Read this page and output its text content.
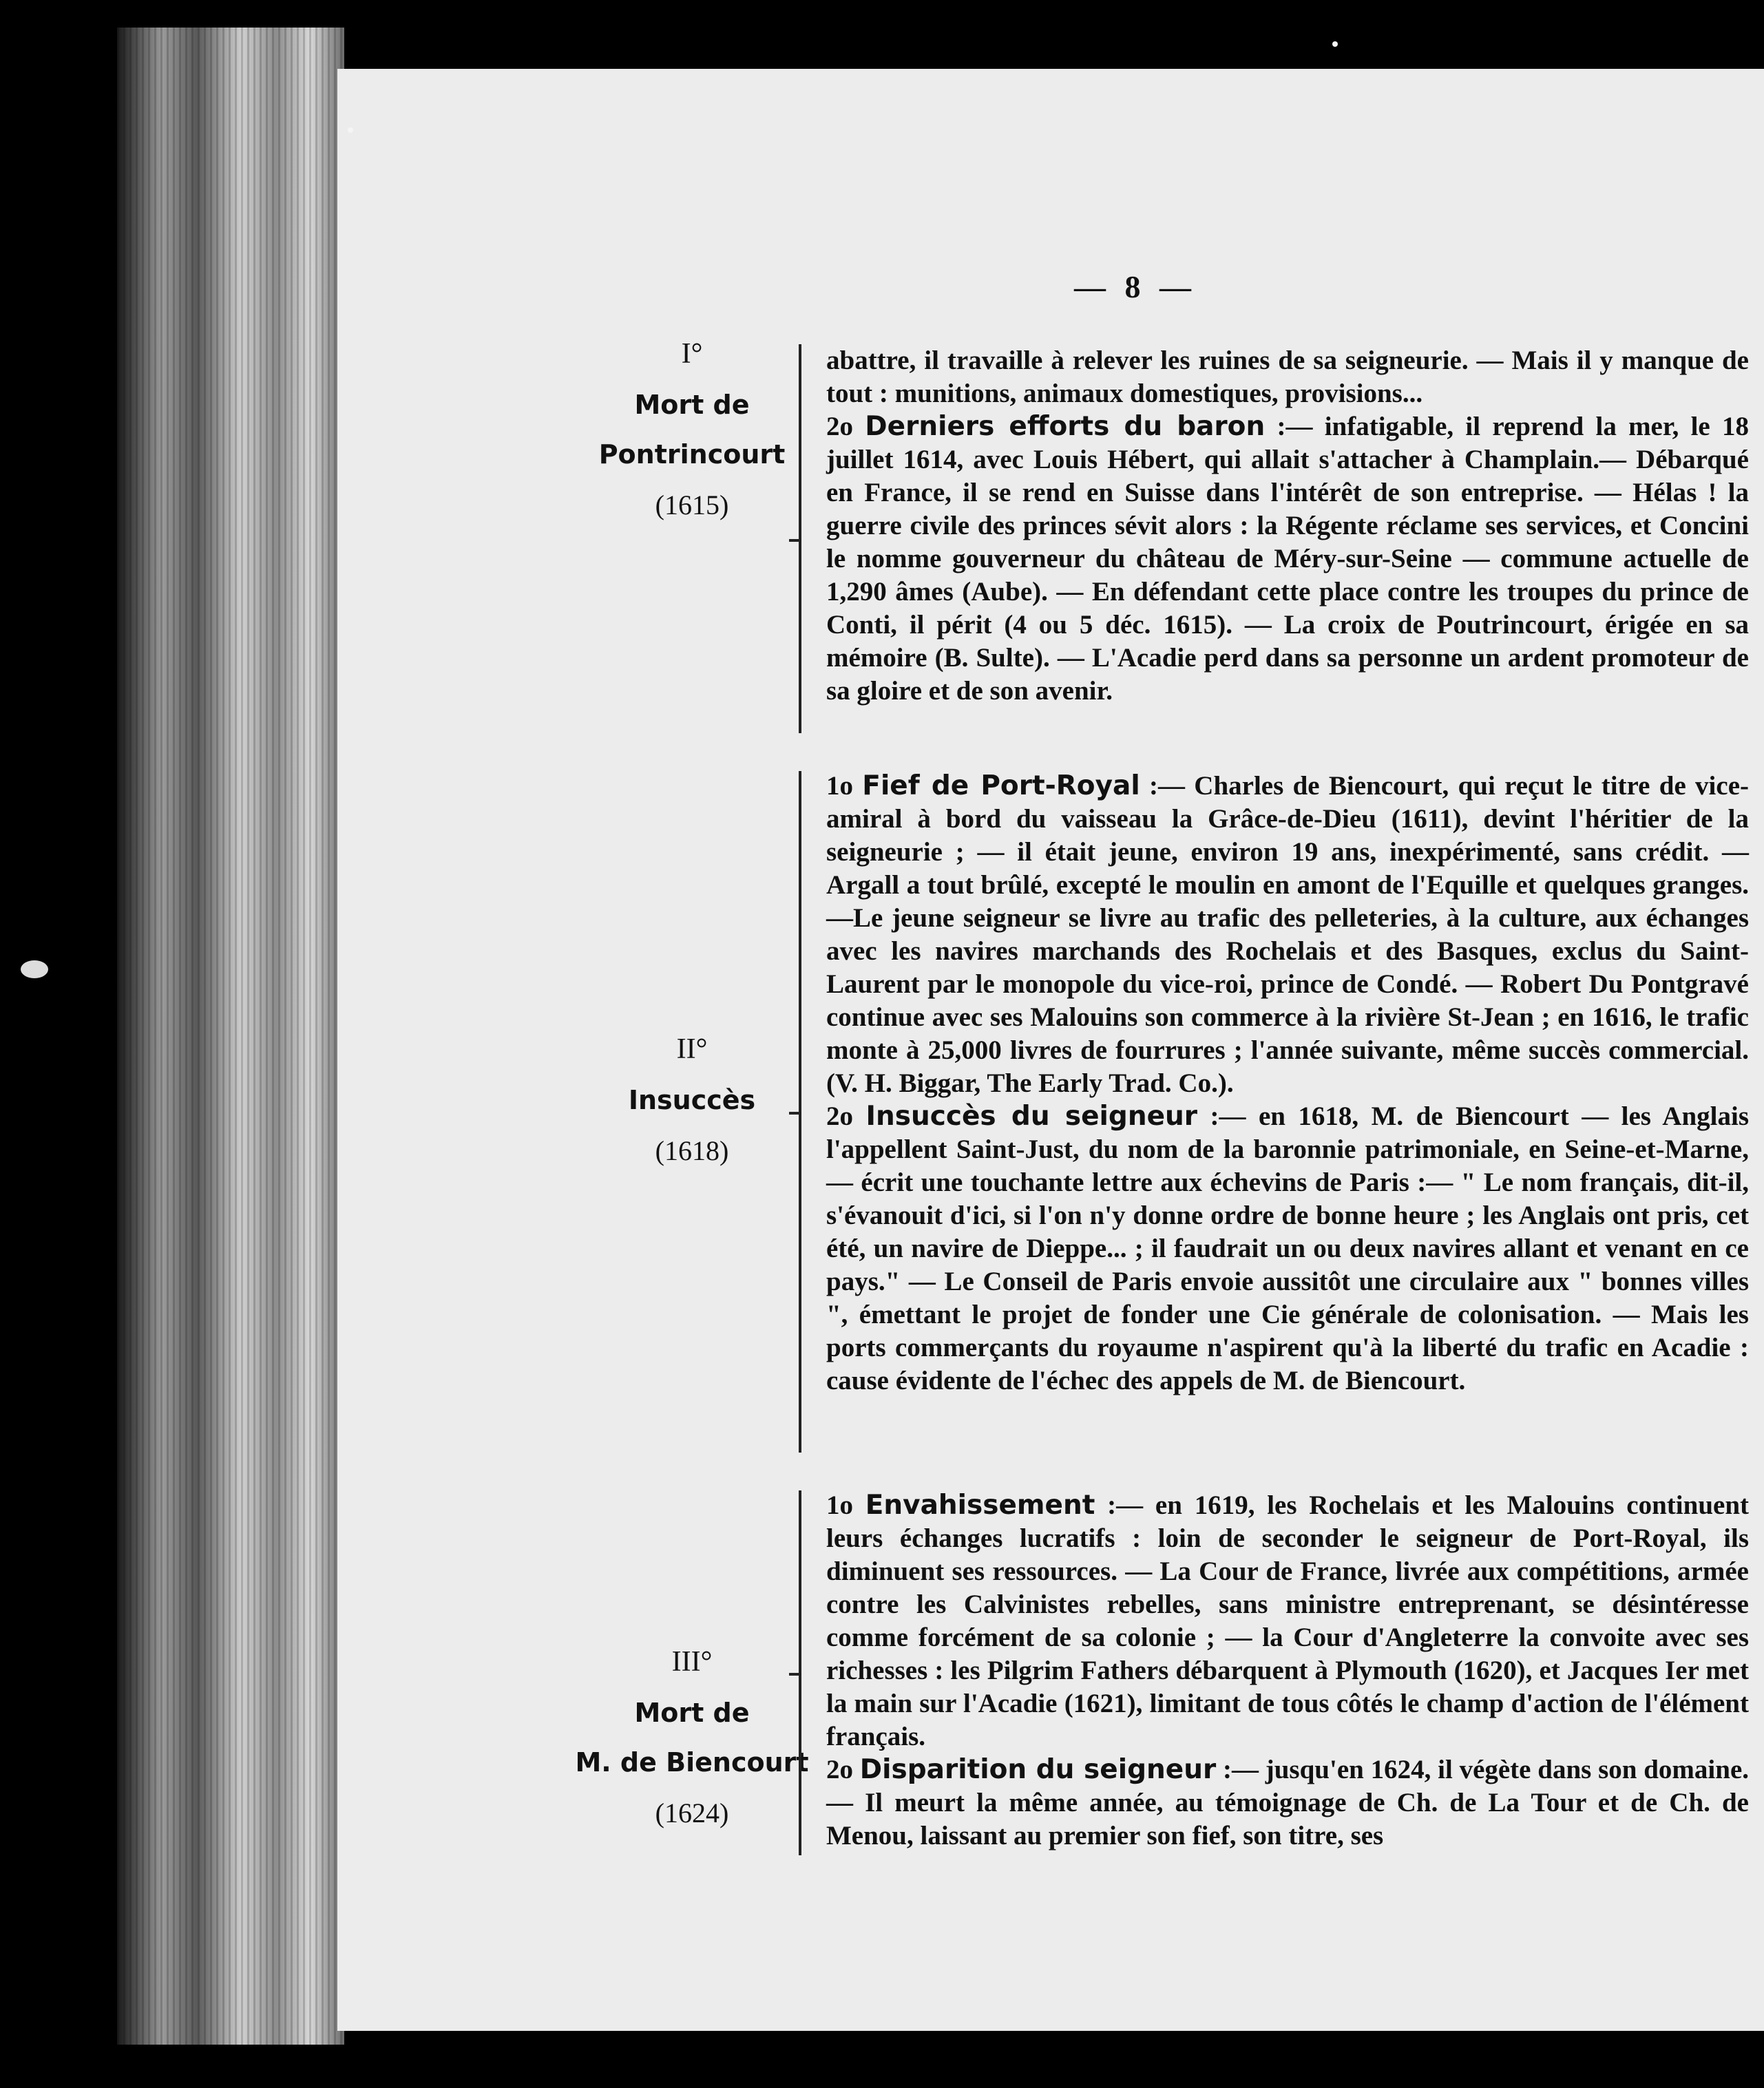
— 8 —
I°
Mort de
Pontrincourt
(1615)

abattre, il travaille à relever les ruines de sa seigneurie. — Mais il y manque de tout : munitions, animaux domestiques, provisions...

2o Derniers efforts du baron :— infatigable, il reprend la mer, le 18 juillet 1614, avec Louis Hébert, qui allait s'attacher à Champlain.— Débarqué en France, il se rend en Suisse dans l'intérêt de son entreprise. — Hélas ! la guerre civile des princes sévit alors : la Régente réclame ses services, et Concini le nomme gouverneur du château de Méry-sur-Seine — commune actuelle de 1,290 âmes (Aube). — En défendant cette place contre les troupes du prince de Conti, il périt (4 ou 5 déc. 1615). — La croix de Poutrincourt, érigée en sa mémoire (B. Sulte). — L'Acadie perd dans sa personne un ardent promoteur de sa gloire et de son avenir.

II°
Insuccès
(1618)

1o Fief de Port-Royal :— Charles de Biencourt, qui reçut le titre de vice-amiral à bord du vaisseau la Grâce-de-Dieu (1611), devint l'héritier de la seigneurie ; — il était jeune, environ 19 ans, inexpérimenté, sans crédit. — Argall a tout brûlé, excepté le moulin en amont de l'Equille et quelques granges.—Le jeune seigneur se livre au trafic des pelleteries, à la culture, aux échanges avec les navires marchands des Rochelais et des Basques, exclus du Saint-Laurent par le monopole du vice-roi, prince de Condé. — Robert Du Pontgravé continue avec ses Malouins son commerce à la rivière St-Jean ; en 1616, le trafic monte à 25,000 livres de fourrures ; l'année suivante, même succès commercial. (V. H. Biggar, The Early Trad. Co.).

2o Insuccès du seigneur :— en 1618, M. de Biencourt — les Anglais l'appellent Saint-Just, du nom de la baronnie patrimoniale, en Seine-et-Marne, — écrit une touchante lettre aux échevins de Paris :— " Le nom français, dit-il, s'évanouit d'ici, si l'on n'y donne ordre de bonne heure ; les Anglais ont pris, cet été, un navire de Dieppe... ; il faudrait un ou deux navires allant et venant en ce pays." — Le Conseil de Paris envoie aussitôt une circulaire aux " bonnes villes ", émettant le projet de fonder une Cie générale de colonisation. — Mais les ports commerçants du royaume n'aspirent qu'à la liberté du trafic en Acadie : cause évidente de l'échec des appels de M. de Biencourt.

III°
Mort de
M. de Biencourt
(1624)

1o Envahissement :— en 1619, les Rochelais et les Malouins continuent leurs échanges lucratifs : loin de seconder le seigneur de Port-Royal, ils diminuent ses ressources. — La Cour de France, livrée aux compétitions, armée contre les Calvinistes rebelles, sans ministre entreprenant, se désintéresse comme forcément de sa colonie ; — la Cour d'Angleterre la convoite avec ses richesses : les Pilgrim Fathers débarquent à Plymouth (1620), et Jacques Ier met la main sur l'Acadie (1621), limitant de tous côtés le champ d'action de l'élément français.

2o Disparition du seigneur :— jusqu'en 1624, il végète dans son domaine. — Il meurt la même année, au témoignage de Ch. de La Tour et de Ch. de Menou, laissant au premier son fief, son titre, ses
